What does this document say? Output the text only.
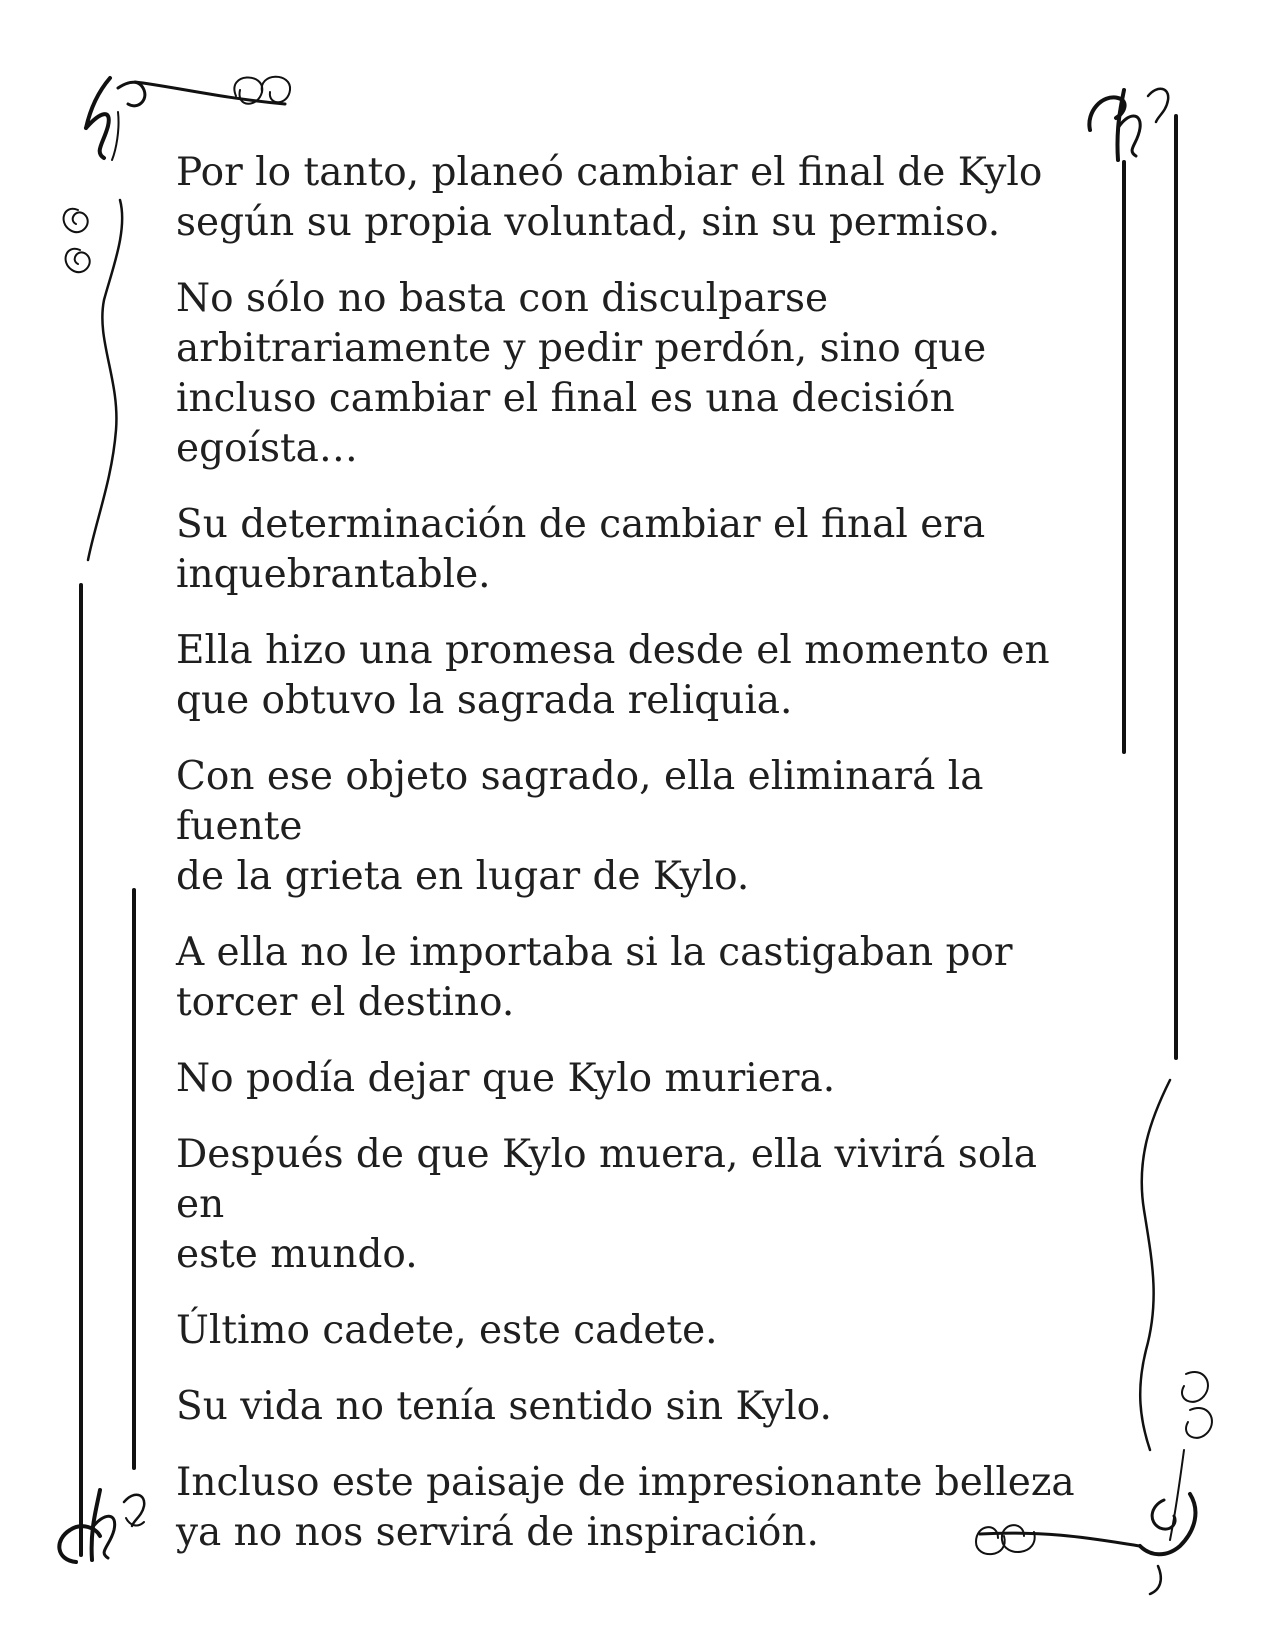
Por lo tanto, planeó cambiar el final de Kylo
según su propia voluntad, sin su permiso.

No sólo no basta con disculparse
arbitrariamente y pedir perdón, sino que
incluso cambiar el final es una decisión
egoísta…

Su determinación de cambiar el final era
inquebrantable.

Ella hizo una promesa desde el momento en
que obtuvo la sagrada reliquia.

Con ese objeto sagrado, ella eliminará la fuente
de la grieta en lugar de Kylo.

A ella no le importaba si la castigaban por
torcer el destino.

No podía dejar que Kylo muriera.

Después de que Kylo muera, ella vivirá sola en
este mundo.

Último cadete, este cadete.

Su vida no tenía sentido sin Kylo.

Incluso este paisaje de impresionante belleza
ya no nos servirá de inspiración.
